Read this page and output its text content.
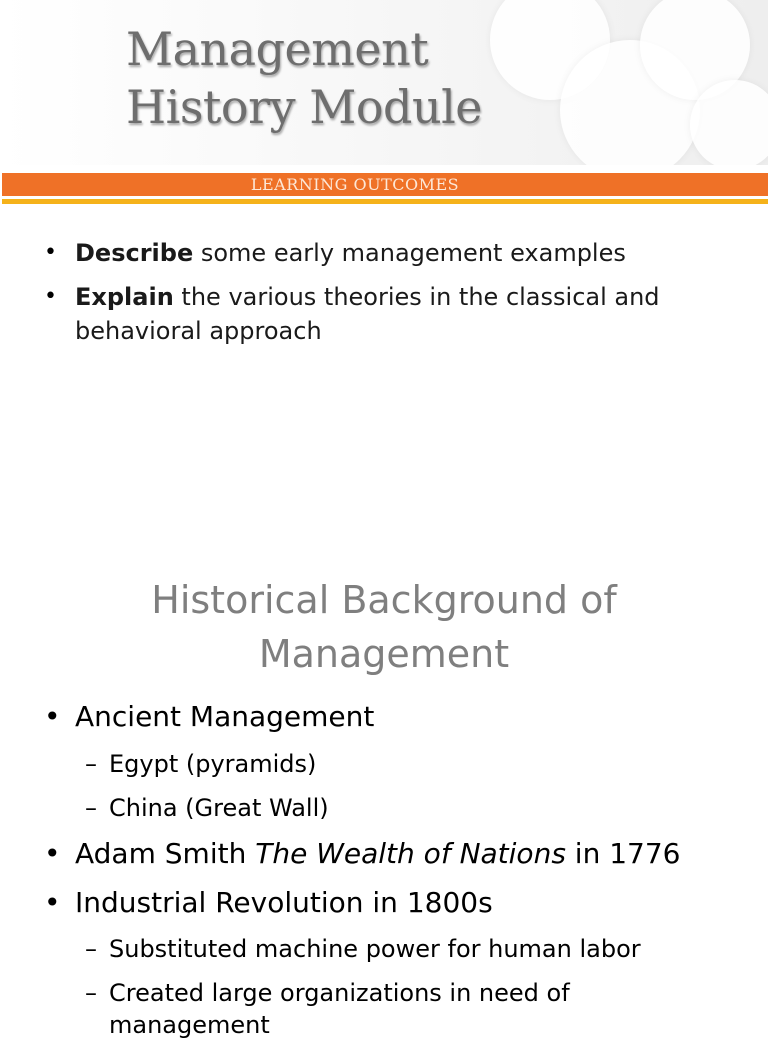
Management
History Module
LEARNING OUTCOMES
• Describe some early management examples
• Explain the various theories in the classical and behavioral approach
Historical Background of Management
• Ancient Management
– Egypt (pyramids)
– China (Great Wall)
• Adam Smith The Wealth of Nations in 1776
• Industrial Revolution in 1800s
– Substituted machine power for human labor
– Created large organizations in need of management
